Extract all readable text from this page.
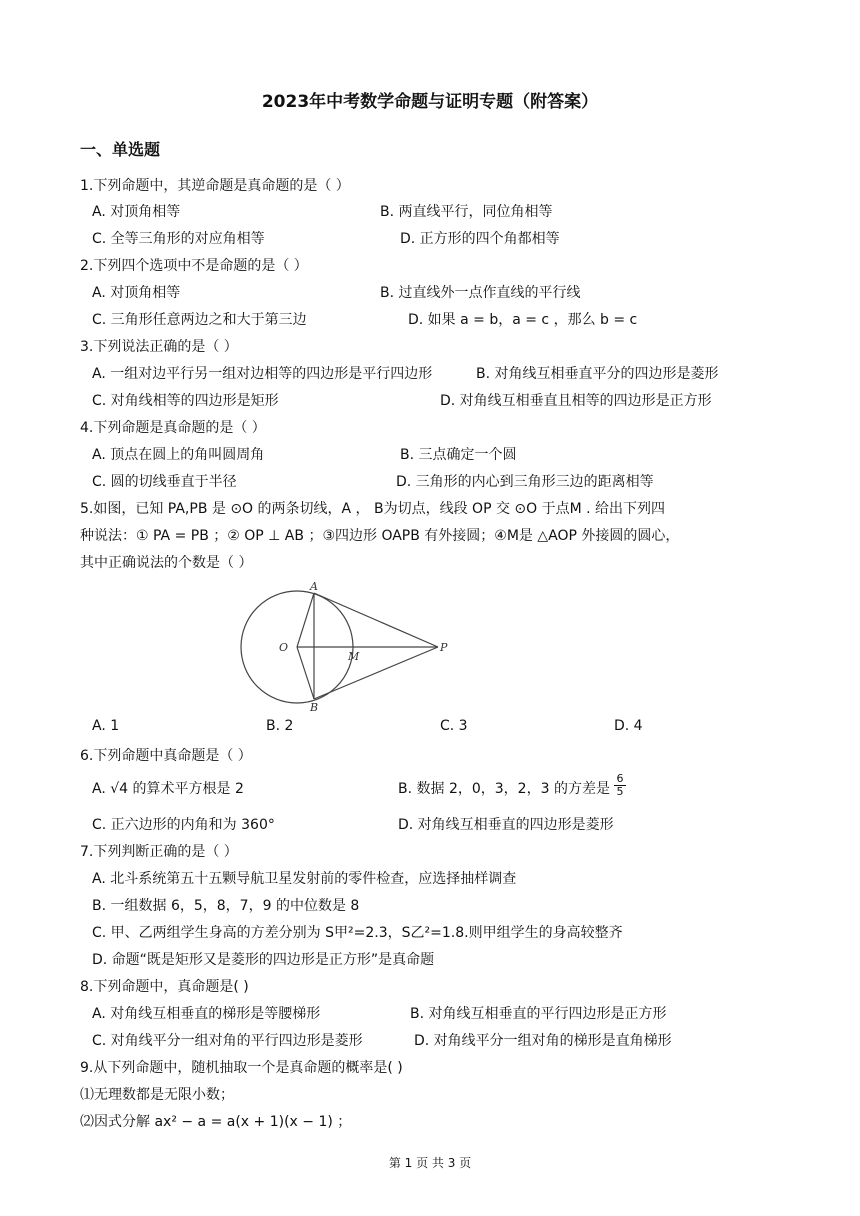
2023年中考数学命题与证明专题（附答案）
一、单选题
1.下列命题中，其逆命题是真命题的是（ ）
A. 对顶角相等	B. 两直线平行，同位角相等
C. 全等三角形的对应角相等	D. 正方形的四个角都相等
2.下列四个选项中不是命题的是（ ）
A. 对顶角相等	B. 过直线外一点作直线的平行线
C. 三角形任意两边之和大于第三边	D. 如果 a = b，a = c ，那么 b = c
3.下列说法正确的是（ ）
A. 一组对边平行另一组对边相等的四边形是平行四边形	B. 对角线互相垂直平分的四边形是菱形
C. 对角线相等的四边形是矩形	D. 对角线互相垂直且相等的四边形是正方形
4.下列命题是真命题的是（ ）
A. 顶点在圆上的角叫圆周角	B. 三点确定一个圆
C. 圆的切线垂直于半径	D. 三角形的内心到三角形三边的距离相等
5.如图，已知 PA,PB 是 ⊙O 的两条切线，A ， B为切点，线段 OP 交 ⊙O 于点M . 给出下列四
种说法：① PA = PB ；② OP ⊥ AB ；③四边形 OAPB 有外接圆；④M是 △AOP 外接圆的圆心，
其中正确说法的个数是（ ）
A
B
O	P
M
A. 1	B. 2	C. 3	D. 4
6.下列命题中真命题是（ ）
A. √4 的算术平方根是 2	B. 数据 2，0，3，2，3 的方差是 $\frac{6}{5}$
C. 正六边形的内角和为 360°	D. 对角线互相垂直的四边形是菱形
7.下列判断正确的是（ ）
A. 北斗系统第五十五颗导航卫星发射前的零件检查，应选择抽样调查
B. 一组数据 6，5，8，7，9 的中位数是 8
C. 甲、乙两组学生身高的方差分别为 S甲²=2.3，S乙²=1.8.则甲组学生的身高较整齐
D. 命题“既是矩形又是菱形的四边形是正方形”是真命题
8.下列命题中，真命题是( )
A. 对角线互相垂直的梯形是等腰梯形	B. 对角线互相垂直的平行四边形是正方形
C. 对角线平分一组对角的平行四边形是菱形	D. 对角线平分一组对角的梯形是直角梯形
9.从下列命题中，随机抽取一个是真命题的概率是( )
⑴无理数都是无限小数；
⑵因式分解 ax² − a = a(x + 1)(x − 1) ；
第 1 页 共 3 页
